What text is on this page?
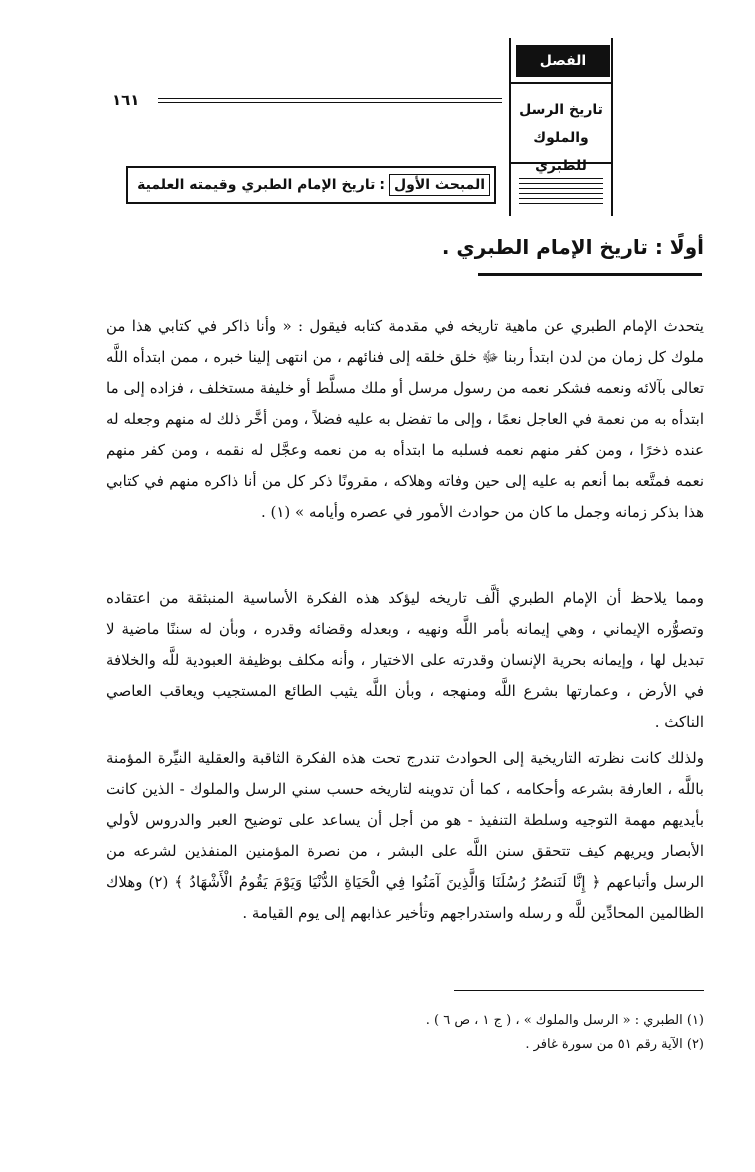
الفصل الثالث
تاريخ الرسل والملوك للطبري
١٦١
المبحث الأول
:
تاريخ الإمام الطبري وقيمته العلمية
أولًا : تاريخ الإمام الطبري .

يتحدث الإمام الطبري عن ماهية تاريخه في مقدمة كتابه فيقول : « وأنا ذاكر في كتابي هذا من ملوك كل زمان من لدن ابتدأ ربنا ﷻ خلق خلقه إلى فنائهم ، من انتهى إلينا خبره ، ممن ابتدأه اللَّه تعالى بآلائه ونعمه فشكر نعمه من رسول مرسل أو ملك مسلَّط أو خليفة مستخلف ، فزاده إلى ما ابتدأه به من نعمة في العاجل نعمًا ، وإلى ما تفضل به عليه فضلاً ، ومن أخَّر ذلك له منهم وجعله له عنده ذخرًا ، ومن كفر منهم نعمه فسلبه ما ابتدأه به من نعمه وعجَّل له نقمه ، ومن كفر منهم نعمه فمتَّعه بما أنعم به عليه إلى حين وفاته وهلاكه ، مقرونًا ذكر كل من أنا ذاكره منهم في كتابي هذا بذكر زمانه وجمل ما كان من حوادث الأمور في عصره وأيامه » (١) .

ومما يلاحظ أن الإمام الطبري ألَّف تاريخه ليؤكد هذه الفكرة الأساسية المنبثقة من اعتقاده وتصوُّره الإيماني ، وهي إيمانه بأمر اللَّه ونهيه ، وبعدله وقضائه وقدره ، وبأن له سننًا ماضية لا تبديل لها ، وإيمانه بحرية الإنسان وقدرته على الاختيار ، وأنه مكلف بوظيفة العبودية للَّه والخلافة في الأرض ، وعمارتها بشرع اللَّه ومنهجه ، وبأن اللَّه يثيب الطائع المستجيب ويعاقب العاصي الناكث .

ولذلك كانت نظرته التاريخية إلى الحوادث تندرج تحت هذه الفكرة الثاقبة والعقلية النيِّرة المؤمنة باللَّه ، العارفة بشرعه وأحكامه ، كما أن تدوينه لتاريخه حسب سني الرسل والملوك - الذين كانت بأيديهم مهمة التوجيه وسلطة التنفيذ - هو من أجل أن يساعد على توضيح العبر والدروس لأولي الأبصار ويريهم كيف تتحقق سنن اللَّه على البشر ، من نصرة المؤمنين المنفذين لشرعه من الرسل وأتباعهم ﴿ إِنَّا لَنَنصُرُ رُسُلَنَا وَالَّذِينَ آمَنُوا فِي الْحَيَاةِ الدُّنْيَا وَيَوْمَ يَقُومُ الْأَشْهَادُ ﴾ (٢) وهلاك الظالمين المحادِّين للَّه و رسله واستدراجهم وتأخير عذابهم إلى يوم القيامة .

(١) الطبري : « الرسل والملوك » ، ( ج ١ ، ص ٦ ) .
(٢) الآية رقم ٥١ من سورة غافر .
